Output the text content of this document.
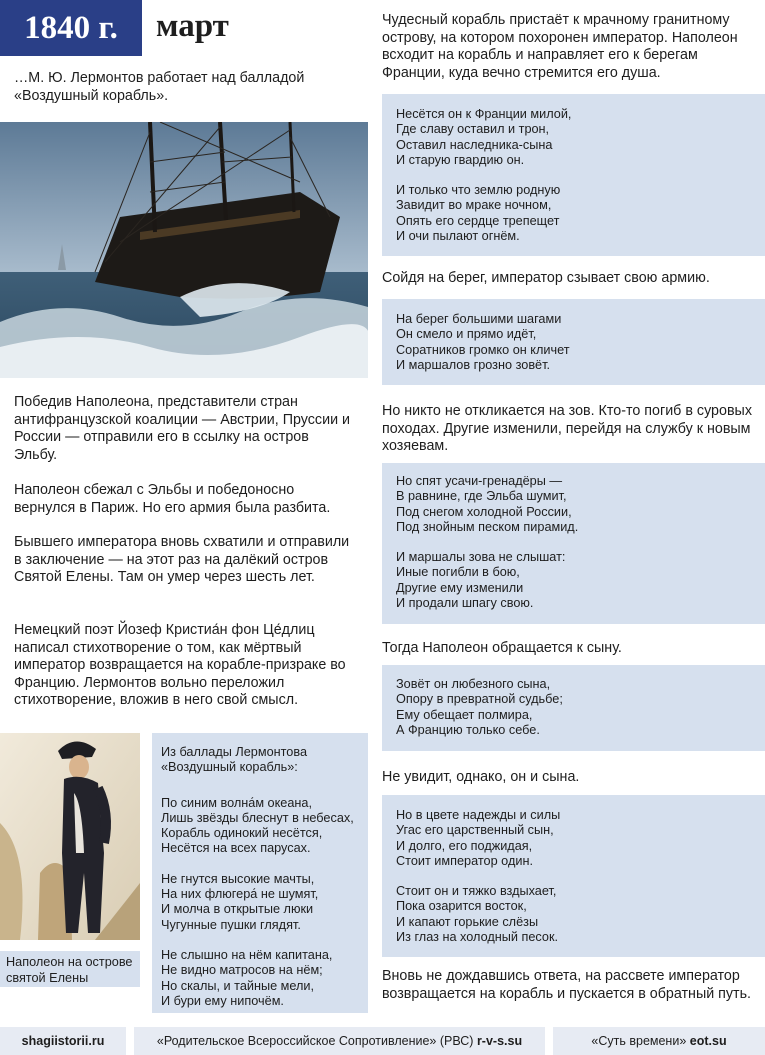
1840 г.	март

…М. Ю. Лермонтов работает над балладой «Воздушный корабль».

Победив Наполеона, представители стран антифранцузской коалиции — Австрии, Пруссии и России — отправили его в ссылку на остров Эльбу.

Наполеон сбежал с Эльбы и победоносно вернулся в Париж. Но его армия была разбита.

Бывшего императора вновь схватили и отправили в заключение — на этот раз на далёкий остров Святой Елены. Там он умер через шесть лет.

Немецкий поэт Йозеф Кристиа́н фон Це́длиц написал стихотворение о том, как мёртвый император возвращается на корабле-призраке во Францию. Лермонтов вольно переложил стихотворение, вложив в него свой смысл.

Наполеон на острове святой Елены

Из баллады Лермонтова «Воздушный корабль»:

По синим волна́м океана,
Лишь звёзды блеснут в небесах,
Корабль одинокий несётся,
Несётся на всех парусах.

Не гнутся высокие мачты,
На них флюгера́ не шумят,
И молча в открытые люки
Чугунные пушки глядят.

Не слышно на нём капитана,
Не видно матросов на нём;
Но скалы, и тайные мели,
И бури ему нипочём.

Чудесный корабль пристаёт к мрачному гранитному острову, на котором похоронен император. Наполеон всходит на корабль и направляет его к берегам Франции, куда вечно стремится его душа.

Несётся он к Франции милой,
Где славу оставил и трон,
Оставил наследника-сына
И старую гвардию он.

И только что землю родную
Завидит во мраке ночном,
Опять его сердце трепещет
И очи пылают огнём.

Сойдя на берег, император сзывает свою армию.

На берег большими шагами
Он смело и прямо идёт,
Соратников громко он кличет
И маршалов грозно зовёт.

Но никто не откликается на зов. Кто-то погиб в суровых походах. Другие изменили, перейдя на службу к новым хозяевам.

Но спят усачи-гренадёры —
В равнине, где Эльба шумит,
Под снегом холодной России,
Под знойным песком пирамид.

И маршалы зова не слышат:
Иные погибли в бою,
Другие ему изменили
И продали шпагу свою.

Тогда Наполеон обращается к сыну.

Зовёт он любезного сына,
Опору в превратной судьбе;
Ему обещает полмира,
А Францию только себе.

Не увидит, однако, он и сына.

Но в цвете надежды и силы
Угас его царственный сын,
И долго, его поджидая,
Стоит император один.

Стоит он и тяжко вздыхает,
Пока озарится восток,
И капают горькие слёзы
Из глаз на холодный песок.

Вновь не дождавшись ответа, на рассвете император возвращается на корабль и пускается в обратный путь.

shagiistorii.ru	«Родительское Всероссийское Сопротивление» (РВС)
r-v-s.su	«Суть времени»
eot.su
